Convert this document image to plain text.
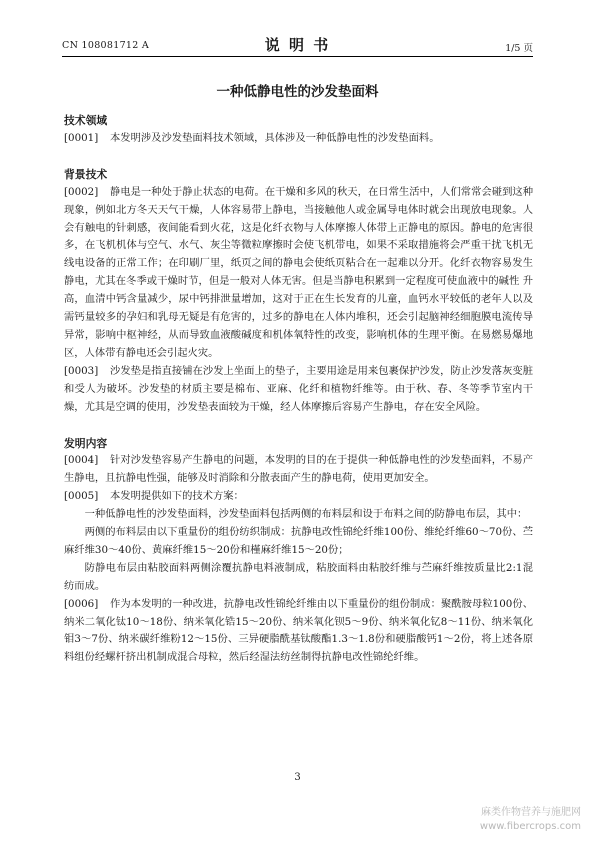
CN 108081712 A	说 明 书	1/5 页
一种低静电性的沙发垫面料

技术领域

[0001] 本发明涉及沙发垫面料技术领域，具体涉及一种低静电性的沙发垫面料。

背景技术

[0002] 静电是一种处于静止状态的电荷。在干燥和多风的秋天，在日常生活中，人们常常会碰到这种现象，例如北方冬天天气干燥，人体容易带上静电，当接触他人或金属导电体时就会出现放电现象。人会有触电的针刺感，夜间能看到火花，这是化纤衣物与人体摩擦人体带上正静电的原因。静电的危害很多，在飞机机体与空气、水气、灰尘等微粒摩擦时会使飞机带电，如果不采取措施将会严重干扰飞机无线电设备的正常工作；在印刷厂里，纸页之间的静电会使纸页粘合在一起难以分开。化纤衣物容易发生静电，尤其在冬季或干燥时节，但是一般对人体无害。但是当静电积累到一定程度可使血液中的碱性 升高，血清中钙含量减少，尿中钙排泄量增加，这对于正在生长发育的儿童，血钙水平较低的老年人以及需钙量较多的孕妇和乳母无疑是有危害的，过多的静电在人体内堆积，还会引起脑神经细胞膜电流传导异常，影响中枢神经，从而导致血液酸碱度和机体氧特性的改变，影响机体的生理平衡。在易燃易爆地区，人体带有静电还会引起火灾。

[0003] 沙发垫是指直接铺在沙发上坐面上的垫子，主要用途是用来包裹保护沙发，防止沙发落灰变脏和受人为破坏。沙发垫的材质主要是棉布、亚麻、化纤和植物纤维等。由于秋、春、冬等季节室内干燥，尤其是空调的使用，沙发垫表面较为干燥，经人体摩擦后容易产生静电，存在安全风险。

发明内容

[0004] 针对沙发垫容易产生静电的问题，本发明的目的在于提供一种低静电性的沙发垫面料，不易产生静电，且抗静电性强，能够及时消除和分散表面产生的静电荷，使用更加安全。

[0005] 本发明提供如下的技术方案：

一种低静电性的沙发垫面料，沙发垫面料包括两侧的布料层和设于布料之间的防静电布层，其中：

两侧的布料层由以下重量份的组份纺织制成：抗静电改性锦纶纤维100份、维纶纤维60～70份、苎麻纤维30～40份、黄麻纤维15～20份和槿麻纤维15～20份；

防静电布层由粘胶面料两侧涂覆抗静电料液制成，粘胶面料由粘胶纤维与苎麻纤维按质量比2:1混纺而成。

[0006] 作为本发明的一种改进，抗静电改性锦纶纤维由以下重量份的组份制成：聚酰胺母粒100份、纳米二氧化钛10～18份、纳米氧化锆15～20份、纳米氧化钡5～9份、纳米氧化钇8～11份、纳米氧化钼3～7份、纳米碳纤维粉12～15份、三异硬脂酰基钛酸酯1.3～1.8份和硬脂酸钙1～2份，将上述各原料组份经螺杆挤出机制成混合母粒，然后经湿法纺丝制得抗静电改性锦纶纤维。

3
麻类作物营养与施肥网
www.fibercrops.com
